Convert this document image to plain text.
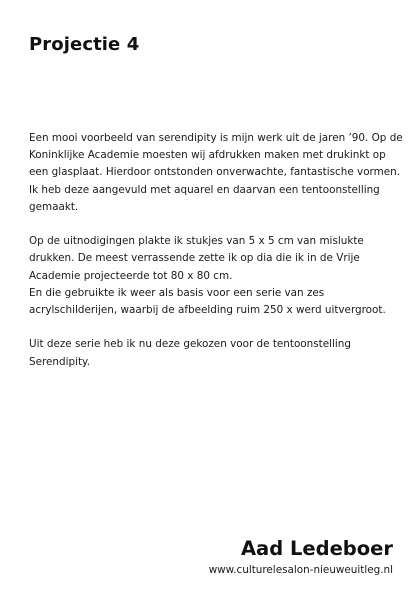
Projectie 4

Een mooi voorbeeld van serendipity is mijn werk uit de jaren ’90. Op de
Koninklijke Academie moesten wij afdrukken maken met drukinkt op
een glasplaat. Hierdoor ontstonden onverwachte, fantastische vormen.
Ik heb deze aangevuld met aquarel en daarvan een tentoonstelling
gemaakt.

Op de uitnodigingen plakte ik stukjes van 5 x 5 cm van mislukte
drukken. De meest verrassende zette ik op dia die ik in de Vrije
Academie projecteerde tot 80 x 80 cm.
En die gebruikte ik weer als basis voor een serie van zes
acrylschilderijen, waarbij de afbeelding ruim 250 x werd uitvergroot.

Uit deze serie heb ik nu deze gekozen voor de tentoonstelling
Serendipity.

Aad Ledeboer
www.culturelesalon-nieuweuitleg.nl
